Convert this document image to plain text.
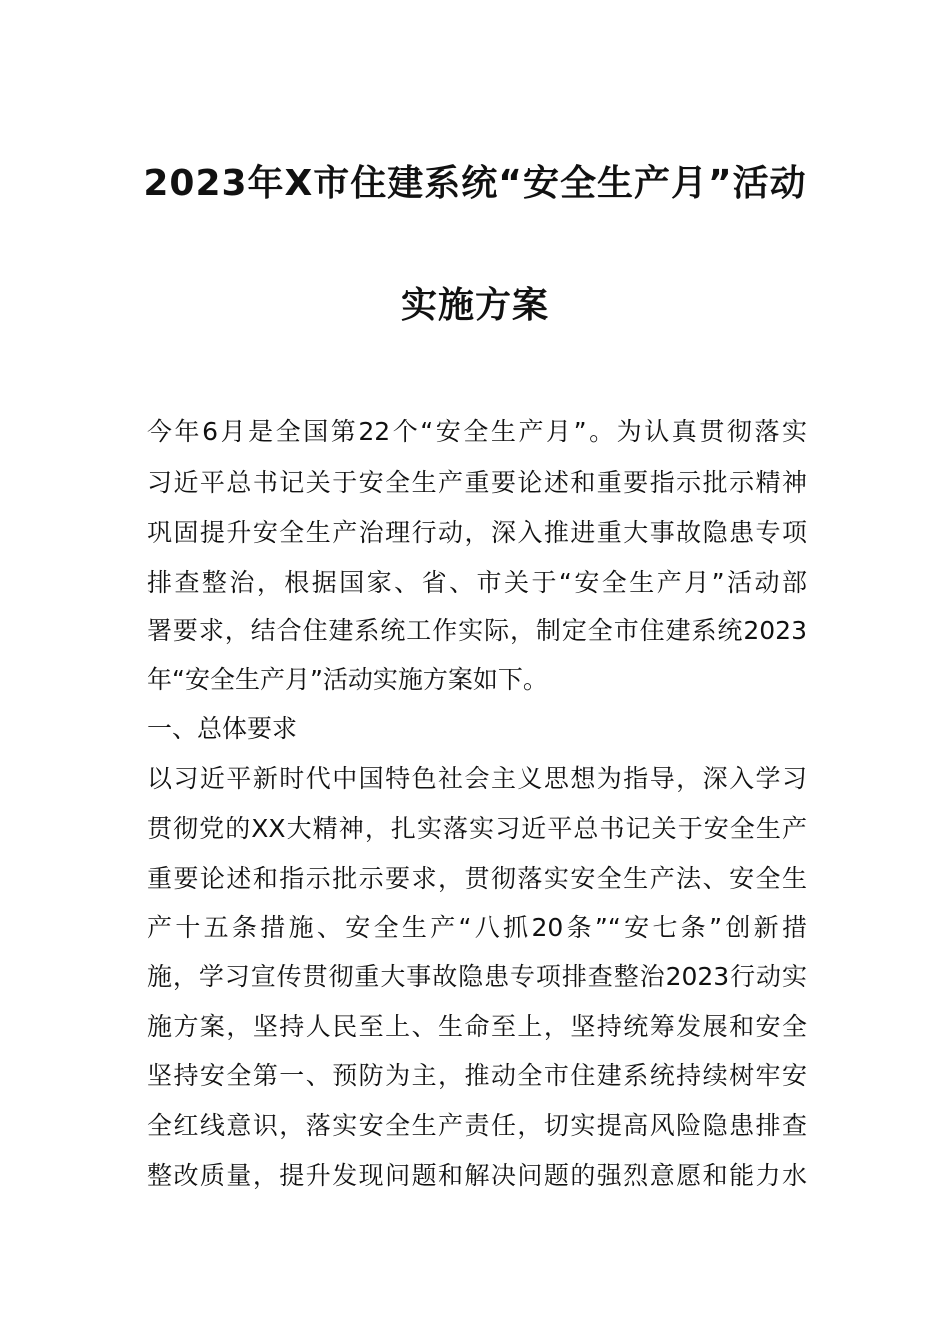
2023年X市住建系统“安全生产月”活动
实施方案
今年6月是全国第22个“安全生产月”。为认真贯彻落实
习近平总书记关于安全生产重要论述和重要指示批示精神
巩固提升安全生产治理行动，深入推进重大事故隐患专项
排查整治，根据国家、省、市关于“安全生产月”活动部
署要求，结合住建系统工作实际，制定全市住建系统2023
年“安全生产月”活动实施方案如下。
一、总体要求
以习近平新时代中国特色社会主义思想为指导，深入学习
贯彻党的XX大精神，扎实落实习近平总书记关于安全生产
重要论述和指示批示要求，贯彻落实安全生产法、安全生
产十五条措施、安全生产“八抓20条”“安七条”创新措
施，学习宣传贯彻重大事故隐患专项排查整治2023行动实
施方案，坚持人民至上、生命至上，坚持统筹发展和安全
坚持安全第一、预防为主，推动全市住建系统持续树牢安
全红线意识，落实安全生产责任，切实提高风险隐患排查
整改质量，提升发现问题和解决问题的强烈意愿和能力水
